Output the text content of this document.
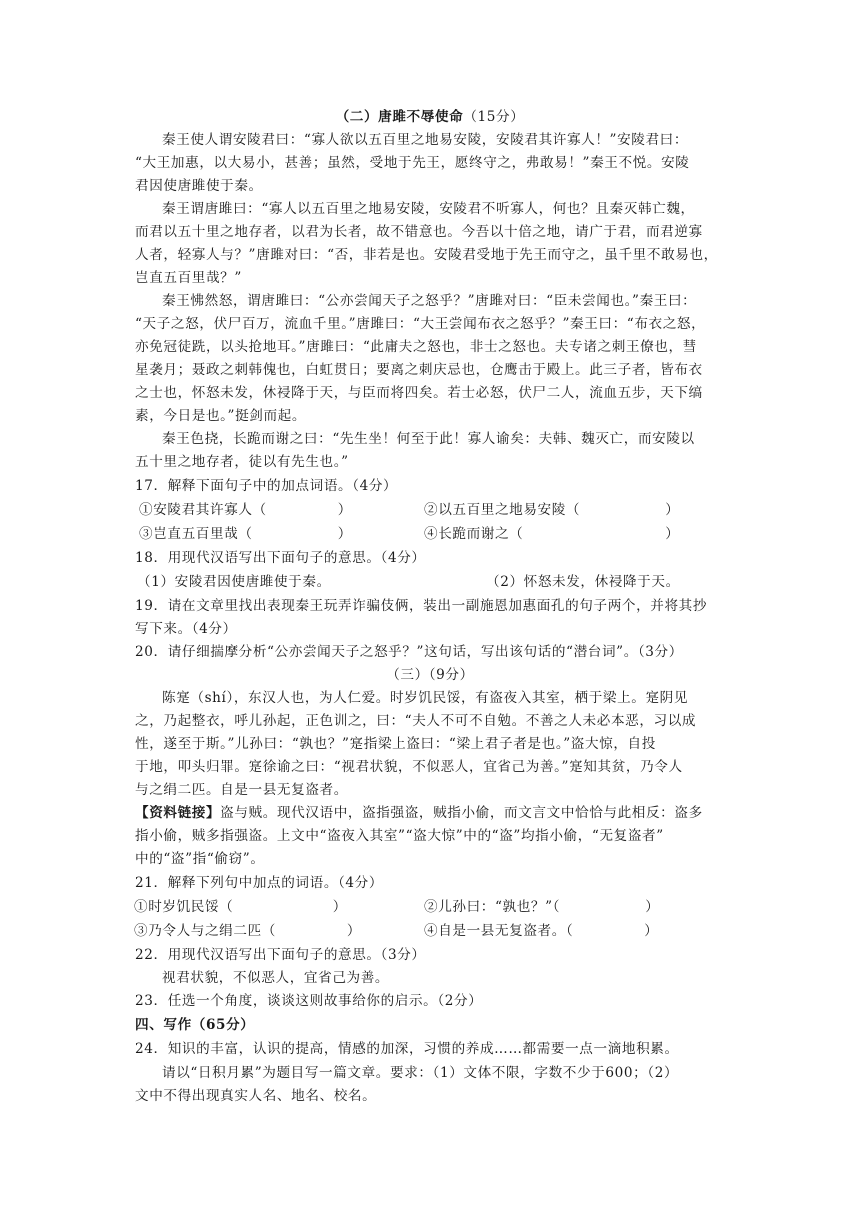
（二）唐雎不辱使命（15分）
秦王使人谓安陵君曰：“寡人欲以五百里之地易安陵，安陵君其许寡人！”安陵君曰：
“大王加惠，以大易小，甚善；虽然，受地于先王，愿终守之，弗敢易！”秦王不悦。安陵
君因使唐雎使于秦。
秦王谓唐雎曰：“寡人以五百里之地易安陵，安陵君不听寡人，何也？且秦灭韩亡魏，
而君以五十里之地存者，以君为长者，故不错意也。今吾以十倍之地，请广于君，而君逆寡
人者，轻寡人与？”唐雎对曰：“否，非若是也。安陵君受地于先王而守之，虽千里不敢易也，
岂直五百里哉？”
秦王怫然怒，谓唐雎曰：“公亦尝闻天子之怒乎？”唐雎对曰：“臣未尝闻也。”秦王曰：
“天子之怒，伏尸百万，流血千里。”唐雎曰：“大王尝闻布衣之怒乎？”秦王曰：“布衣之怒，
亦免冠徒跣，以头抢地耳。”唐雎曰：“此庸夫之怒也，非士之怒也。夫专诸之刺王僚也，彗
星袭月；聂政之刺韩傀也，白虹贯日；要离之刺庆忌也，仓鹰击于殿上。此三子者，皆布衣
之士也，怀怒未发，休祲降于天，与臣而将四矣。若士必怒，伏尸二人，流血五步，天下缟
素，今日是也。”挺剑而起。
秦王色挠，长跪而谢之曰：“先生坐！何至于此！寡人谕矣：夫韩、魏灭亡，而安陵以
五十里之地存者，徒以有先生也。”
17．解释下面句子中的加点词语。（4分）
①安陵君其许寡人（　　　　　）	②以五百里之地易安陵（　　　　　　）
③岂直五百里哉（　　　　　　）	④长跪而谢之（　　　　　　　　　　）
18．用现代汉语写出下面句子的意思。（4分）
（1）安陵君因使唐雎使于秦。	（2）怀怒未发，休祲降于天。
19．请在文章里找出表现秦王玩弄诈骗伎俩，装出一副施恩加惠面孔的句子两个，并将其抄
写下来。（4分）
20．请仔细揣摩分析“公亦尝闻天子之怒乎？”这句话，写出该句话的“潜台词”。（3分）
（三）（9分）
陈寔（shí），东汉人也，为人仁爱。时岁饥民馁，有盗夜入其室，栖于梁上。寔阴见
之，乃起整衣，呼儿孙起，正色训之，曰：“夫人不可不自勉。不善之人未必本恶，习以成
性，遂至于斯。”儿孙曰：“孰也？”寔指梁上盗曰：“梁上君子者是也。”盗大惊，自投
于地，叩头归罪。寔徐谕之曰：“视君状貌，不似恶人，宜省己为善。”寔知其贫，乃令人
与之绢二匹。自是一县无复盗者。
【资料链接】盗与贼。现代汉语中，盗指强盗，贼指小偷，而文言文中恰恰与此相反：盗多
指小偷，贼多指强盗。上文中“盗夜入其室”“盗大惊”中的“盗”均指小偷，“无复盗者”
中的“盗”指“偷窃”。
21．解释下列句中加点的词语。（4分）
①时岁饥民馁（　　　　　　　）	②儿孙曰：“孰也？”（　　　　　　）
③乃令人与之绢二匹（　　　　　）	④自是一县无复盗者。（　　　　　）
22．用现代汉语写出下面句子的意思。（3分）
视君状貌，不似恶人，宜省己为善。
23．任选一个角度，谈谈这则故事给你的启示。（2分）
四、写作（65分）
24．知识的丰富，认识的提高，情感的加深，习惯的养成……都需要一点一滴地积累。
请以“日积月累”为题目写一篇文章。要求：（1）文体不限，字数不少于600；（2）
文中不得出现真实人名、地名、校名。
